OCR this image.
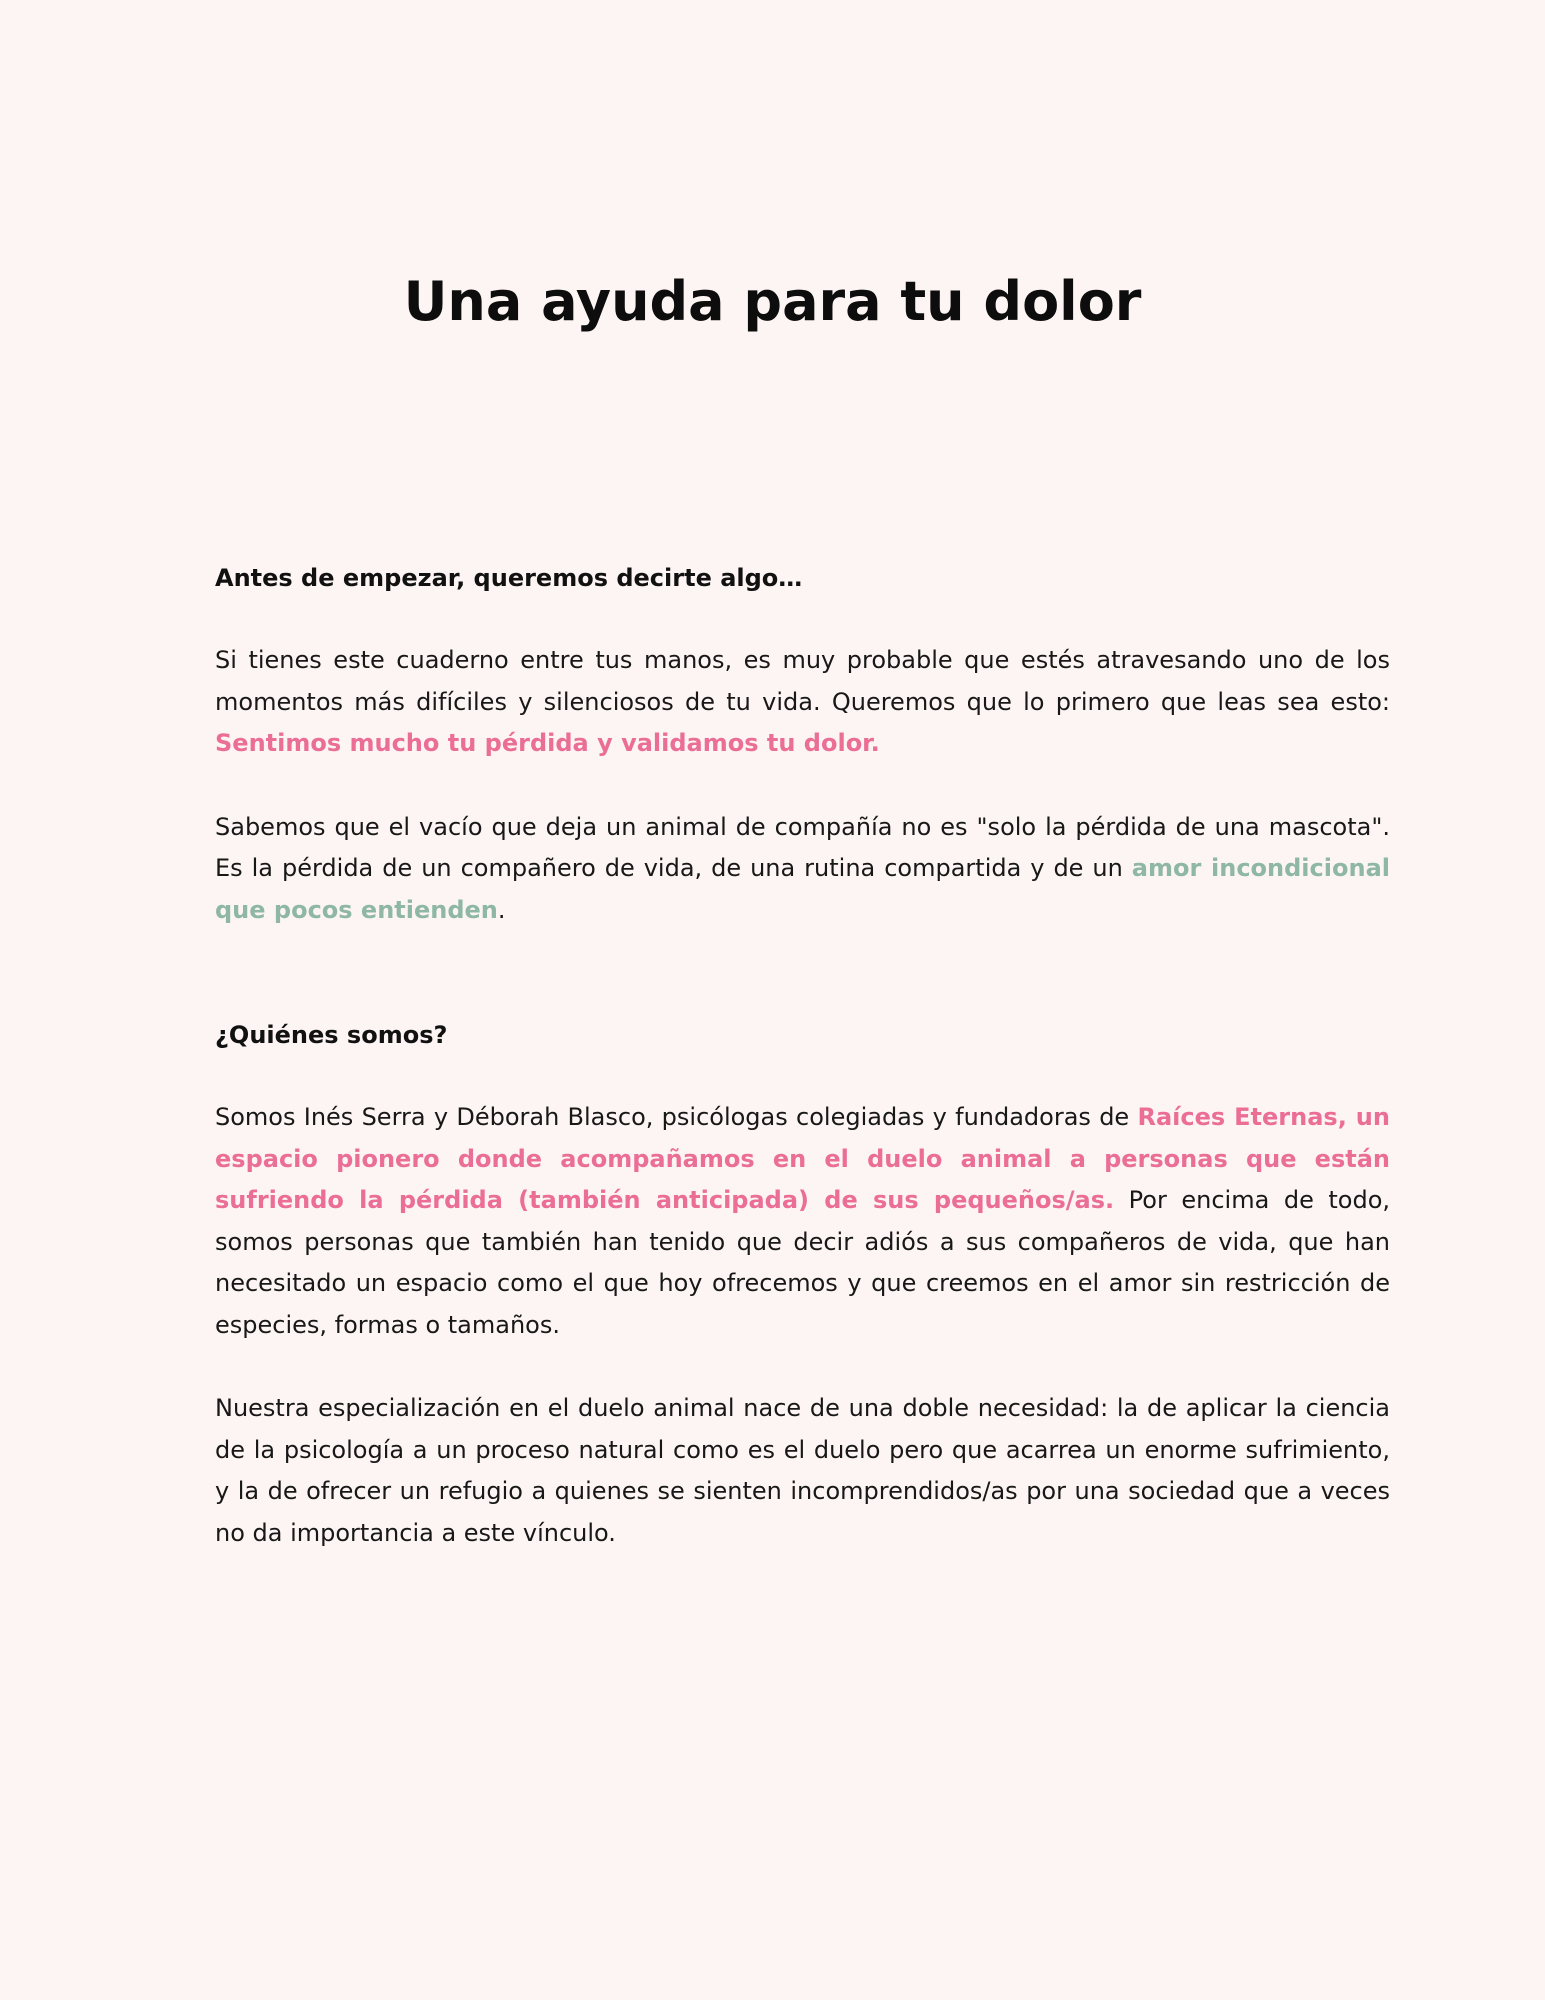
Una ayuda para tu dolor

Antes de empezar, queremos decirte algo…

Si tienes este cuaderno entre tus manos, es muy probable que estés atravesando uno de los momentos más difíciles y silenciosos de tu vida. Queremos que lo primero que leas sea esto: Sentimos mucho tu pérdida y validamos tu dolor.

Sabemos que el vacío que deja un animal de compañía no es "solo la pérdida de una mascota". Es la pérdida de un compañero de vida, de una rutina compartida y de un amor incondicional que pocos entienden.

¿Quiénes somos?

Somos Inés Serra y Déborah Blasco, psicólogas colegiadas y fundadoras de Raíces Eternas, un espacio pionero donde acompañamos en el duelo animal a personas que están sufriendo la pérdida (también anticipada) de sus pequeños/as. Por encima de todo, somos personas que también han tenido que decir adiós a sus compañeros de vida, que han necesitado un espacio como el que hoy ofrecemos y que creemos en el amor sin restricción de especies, formas o tamaños.

Nuestra especialización en el duelo animal nace de una doble necesidad: la de aplicar la ciencia de la psicología a un proceso natural como es el duelo pero que acarrea un enorme sufrimiento, y la de ofrecer un refugio a quienes se sienten incomprendidos/as por una sociedad que a veces no da importancia a este vínculo.
